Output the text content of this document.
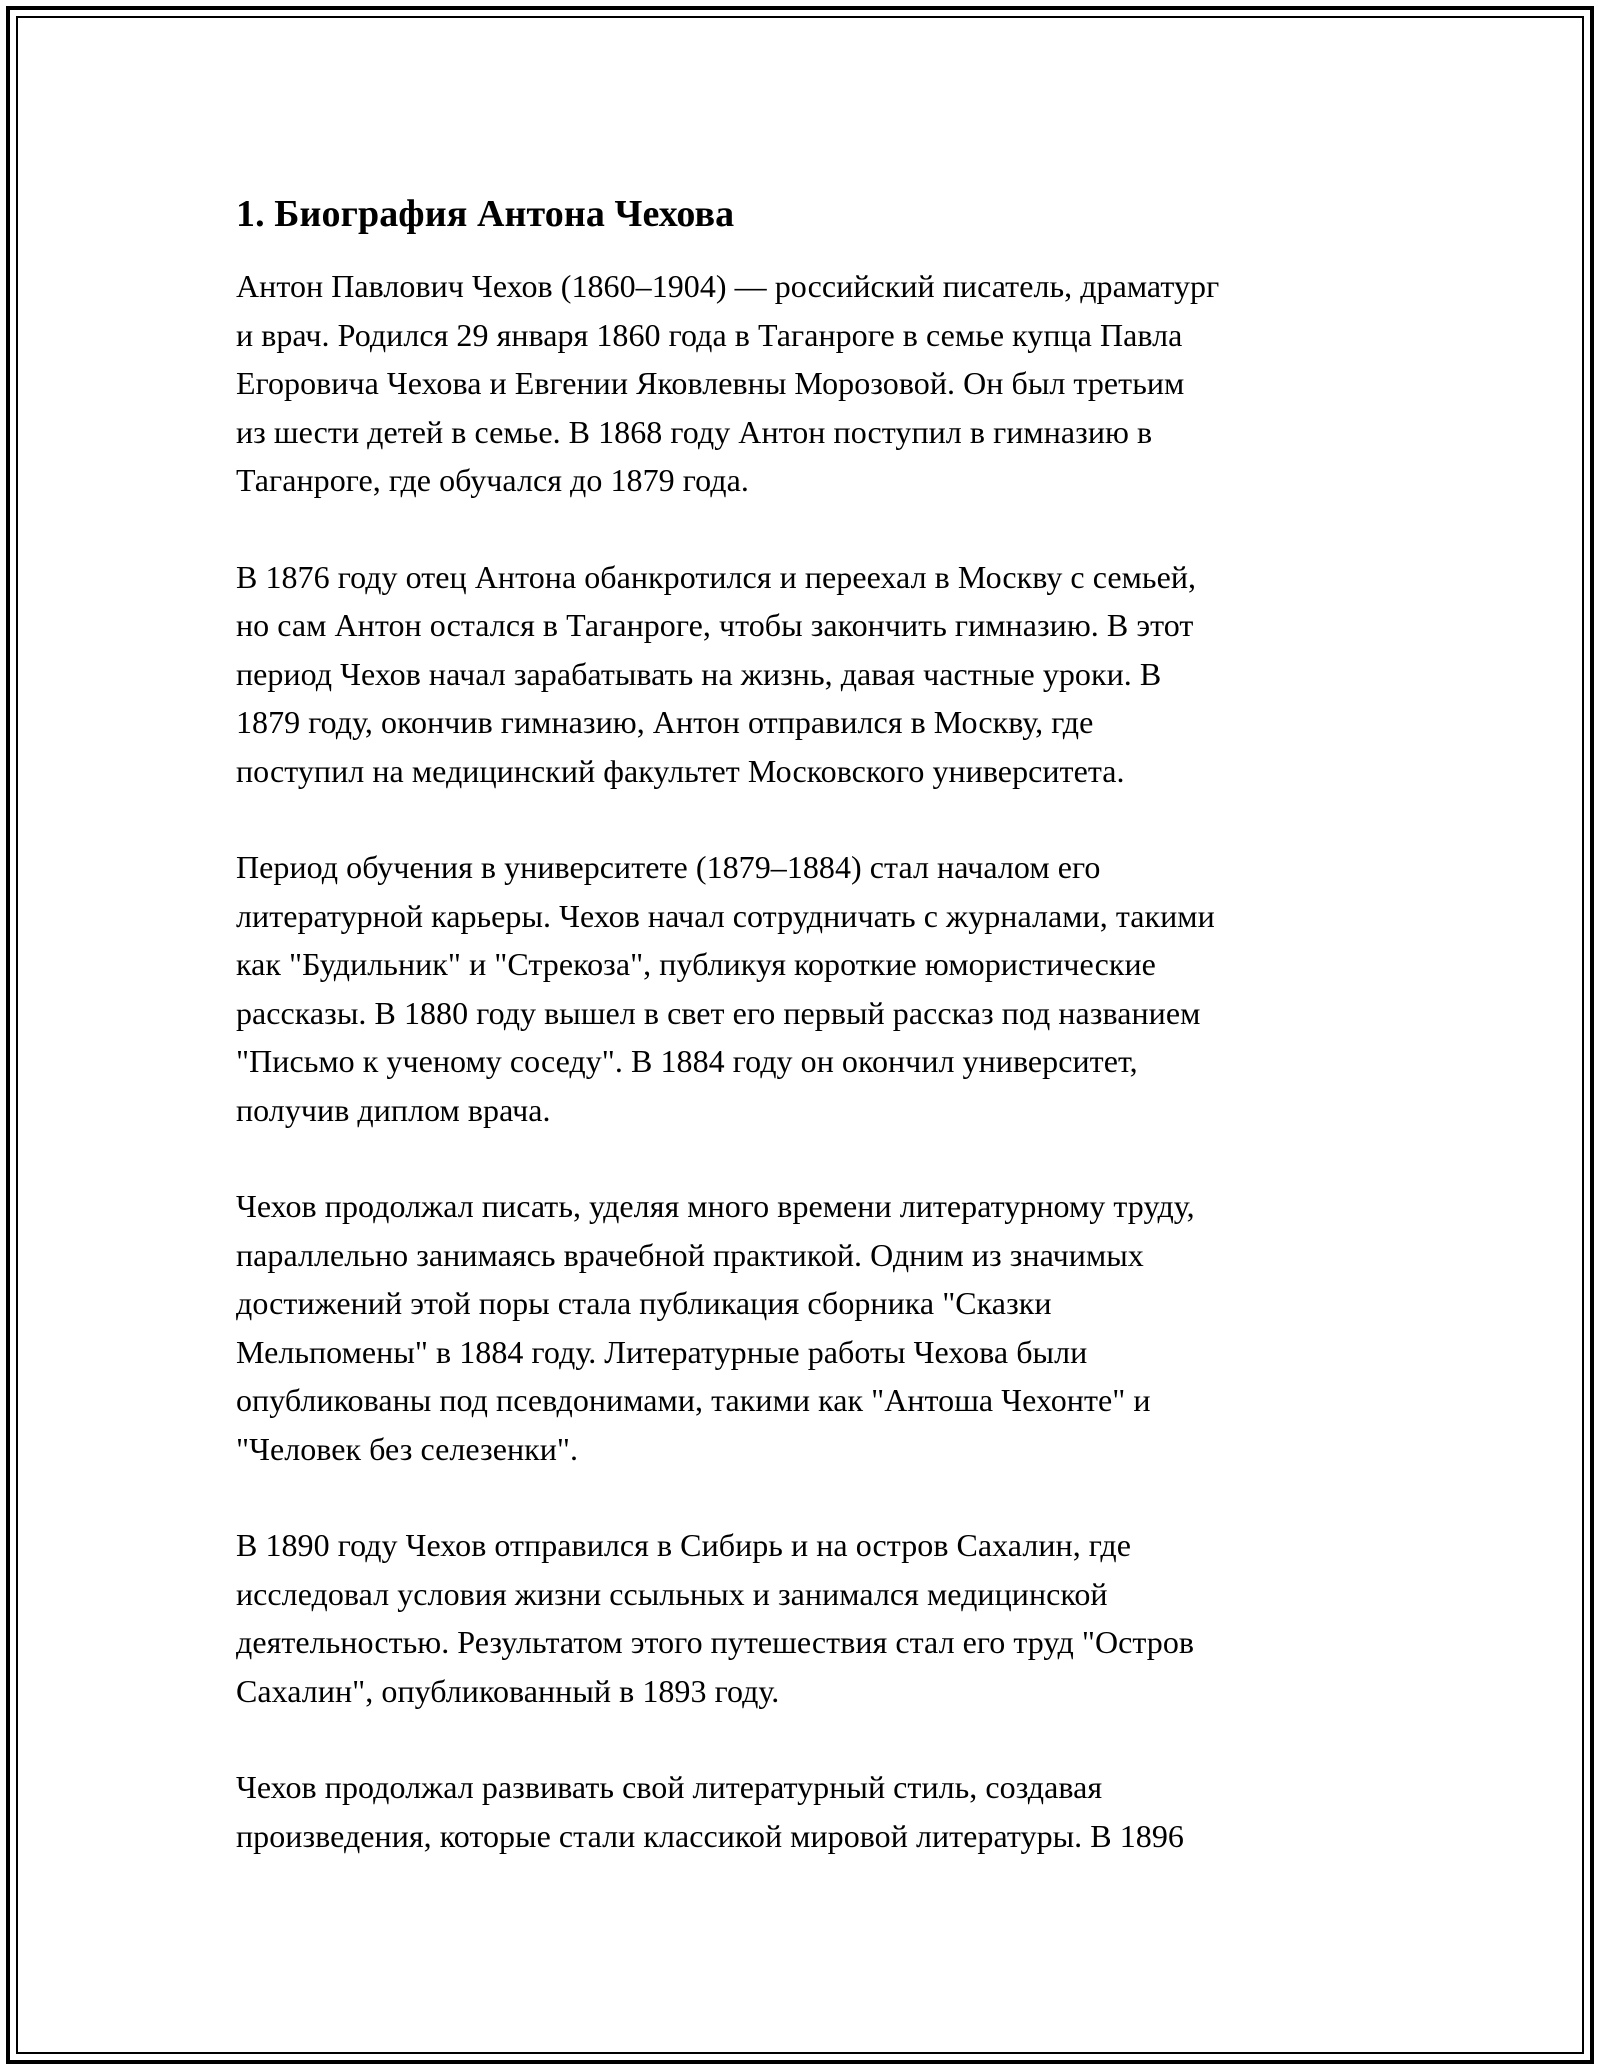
1. Биография Антона Чехова
Антон Павлович Чехов (1860–1904) — российский писатель, драматург
и врач. Родился 29 января 1860 года в Таганроге в семье купца Павла
Егоровича Чехова и Евгении Яковлевны Морозовой. Он был третьим
из шести детей в семье. В 1868 году Антон поступил в гимназию в
Таганроге, где обучался до 1879 года.
В 1876 году отец Антона обанкротился и переехал в Москву с семьей,
но сам Антон остался в Таганроге, чтобы закончить гимназию. В этот
период Чехов начал зарабатывать на жизнь, давая частные уроки. В
1879 году, окончив гимназию, Антон отправился в Москву, где
поступил на медицинский факультет Московского университета.
Период обучения в университете (1879–1884) стал началом его
литературной карьеры. Чехов начал сотрудничать с журналами, такими
как "Будильник" и "Стрекоза", публикуя короткие юмористические
рассказы. В 1880 году вышел в свет его первый рассказ под названием
"Письмо к ученому соседу". В 1884 году он окончил университет,
получив диплом врача.
Чехов продолжал писать, уделяя много времени литературному труду,
параллельно занимаясь врачебной практикой. Одним из значимых
достижений этой поры стала публикация сборника "Сказки
Мельпомены" в 1884 году. Литературные работы Чехова были
опубликованы под псевдонимами, такими как "Антоша Чехонте" и
"Человек без селезенки".
В 1890 году Чехов отправился в Сибирь и на остров Сахалин, где
исследовал условия жизни ссыльных и занимался медицинской
деятельностью. Результатом этого путешествия стал его труд "Остров
Сахалин", опубликованный в 1893 году.
Чехов продолжал развивать свой литературный стиль, создавая
произведения, которые стали классикой мировой литературы. В 1896
